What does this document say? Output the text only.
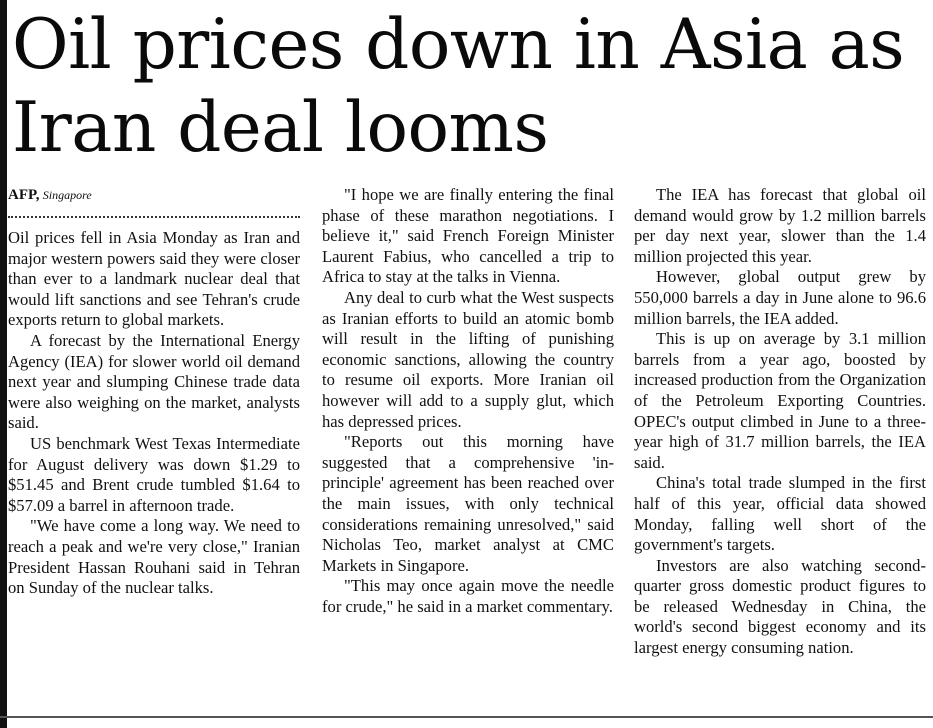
Oil prices down in Asia as Iran deal looms
AFP, Singapore

Oil prices fell in Asia Monday as Iran and major western powers said they were closer than ever to a landmark nuclear deal that would lift sanctions and see Tehran's crude exports return to global markets.

A forecast by the International Energy Agency (IEA) for slower world oil demand next year and slumping Chinese trade data were also weighing on the market, analysts said.

US benchmark West Texas Intermediate for August delivery was down $1.29 to $51.45 and Brent crude tumbled $1.64 to $57.09 a barrel in afternoon trade.

"We have come a long way. We need to reach a peak and we're very close," Iranian President Hassan Rouhani said in Tehran on Sunday of the nuclear talks.

"I hope we are finally entering the final phase of these marathon negotiations. I believe it," said French Foreign Minister Laurent Fabius, who cancelled a trip to Africa to stay at the talks in Vienna.

Any deal to curb what the West suspects as Iranian efforts to build an atomic bomb will result in the lifting of punishing economic sanctions, allowing the country to resume oil exports. More Iranian oil however will add to a supply glut, which has depressed prices.

"Reports out this morning have suggested that a comprehensive 'in-principle' agreement has been reached over the main issues, with only technical considerations remaining unresolved," said Nicholas Teo, market analyst at CMC Markets in Singapore.

"This may once again move the needle for crude," he said in a market commentary.

The IEA has forecast that global oil demand would grow by 1.2 million barrels per day next year, slower than the 1.4 million projected this year.

However, global output grew by 550,000 barrels a day in June alone to 96.6 million barrels, the IEA added.

This is up on average by 3.1 million barrels from a year ago, boosted by increased production from the Organization of the Petroleum Exporting Countries. OPEC's output climbed in June to a three-year high of 31.7 million barrels, the IEA said.

China's total trade slumped in the first half of this year, official data showed Monday, falling well short of the government's targets.

Investors are also watching second-quarter gross domestic product figures to be released Wednesday in China, the world's second biggest economy and its largest energy consuming nation.
